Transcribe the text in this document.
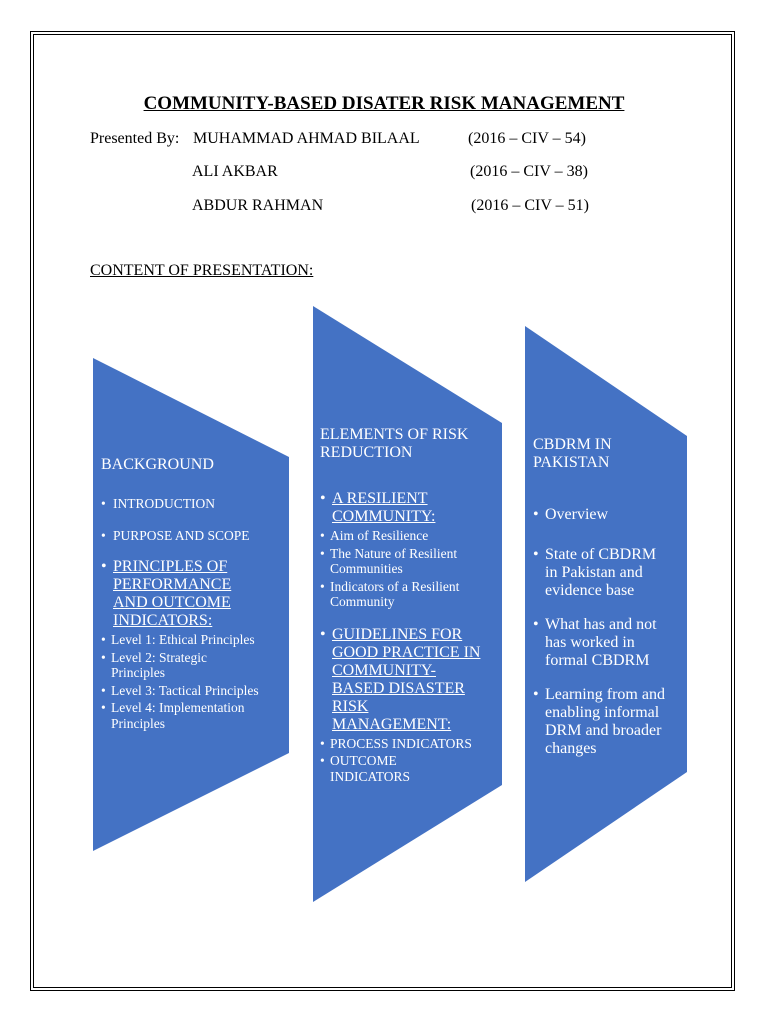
COMMUNITY-BASED DISATER RISK MANAGEMENT
Presented By: MUHAMMAD AHMAD BILAAL	(2016 – CIV – 54)
ALI AKBAR	(2016 – CIV – 38)
ABDUR RAHMAN	(2016 – CIV – 51)
CONTENT OF PRESENTATION:
BACKGROUND
• INTRODUCTION
• PURPOSE AND SCOPE
• PRINCIPLES OF PERFORMANCE AND OUTCOME INDICATORS:
• Level 1: Ethical Principles
• Level 2: Strategic Principles
• Level 3: Tactical Principles
• Level 4: Implementation Principles
ELEMENTS OF RISK REDUCTION
• A RESILIENT COMMUNITY:
• Aim of Resilience
• The Nature of Resilient Communities
• Indicators of a Resilient Community
• GUIDELINES FOR GOOD PRACTICE IN COMMUNITY-BASED DISASTER RISK MANAGEMENT:
• PROCESS INDICATORS
• OUTCOME INDICATORS
CBDRM IN PAKISTAN
• Overview
• State of CBDRM in Pakistan and evidence base
• What has and not has worked in formal CBDRM
• Learning from and enabling informal DRM and broader changes
